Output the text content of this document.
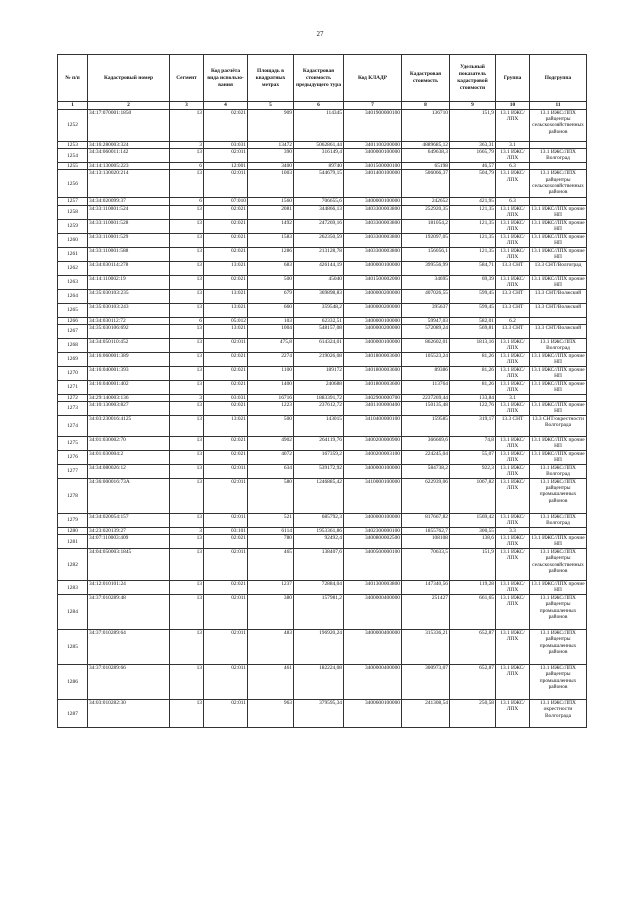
27
№ п/п	Кадастровый номер	Сегмент	Код расчёта вида использо-вания	Площадь в квадратных метрах	Кадастровая стоимость предыдущего тура	Код КЛАДР	Кадастровая стоимость	Удельный показатель кадастровой стоимости	Группа	Подгруппа
1	2	3	4	5	6	7	8	9	10	11
1252	34:17:070001:1850	13	02:021	909	114345	3401900000100	136710	151,9	13.1 ИЖС/ЛПХ	13.1 ИЖС/ЛПХ райцентры сельскохозяйственных районов
1253	34:16:280003:324	3	03:031	13472	5062861,44	3401100200000	4889685,12	363,31	3.1	
1254	34:34:060011:142	13	02:011	390	316149,4	3400000100000	649638,3	1665,79	13.1 ИЖС/ЛПХ	13.1 ИЖС/ЛПХ Волгоград
1255	34:14:130005:223	6	12:001	3400	89740	3401500000100	65198	46,57	6.3	
1256	34:13:130020:214	13	02:011	1003	544679,15	3401400100000	506066,37	504,79	13.1 ИЖС/ЛПХ	13.1 ИЖС/ЛПХ райцентры сельскохозяйственных районов
1257	34:34:020099:37	6	07:010	1560	706655,6	3400000100000	242652	421,95	6.3	
1258	34:33:110001:524	13	02:021	2081	344866,13	3403300003800	252920,35	121,35	13.1 ИЖС/ЛПХ	13.1 ИЖС/ЛПХ прочие НП
1259	34:33:110001:528	13	02:021	1492	247269,16	3403300003800	181054,2	121,35	13.1 ИЖС/ЛПХ	13.1 ИЖС/ЛПХ прочие НП
1260	34:33:110001:529	13	02:021	1583	262350,59	3403300003800	192097,05	121,35	13.1 ИЖС/ЛПХ	13.1 ИЖС/ЛПХ прочие НП
1261	34:33:110001:588	13	02:021	1286	213128,78	3403300003800	156056,1	121,35	13.1 ИЖС/ЛПХ	13.1 ИЖС/ЛПХ прочие НП
1262	34:34:030114:278	13	13:021	683	426144,19	3400000100000	399556,99	584,71	13.3 СНТ	13.3 СНТ/Волгоград
1263	34:14:110002:19	13	02:021	500	45040	3401500002000	34695	69,39	13.1 ИЖС/ЛПХ	13.1 ИЖС/ЛПХ прочие НП
1264	34:35:030103:235	13	13:021	679	369898,83	3400000200000	407026,55	599,45	13.3 СНТ	13.3 СНТ/Волжский
1265	34:35:030103:243	13	13:021	660	359548,2	3400000200000	395637	599,45	13.3 СНТ	13.3 СНТ/Волжский
1266	34:34:030112:72	6	05:012	103	62332,51	3400000100000	59947,03	582,01	6.2	
1267	34:35:030106:692	13	13:021	1004	548157,08	3400000200000	572089,24	569,81	13.3 СНТ	13.3 СНТ/Волжский
1268	34:34:050110:452	13	02:011	475,8	614324,01	3400000100000	862602,01	1813,16	13.1 ИЖС/ЛПХ	13.1 ИЖС/ЛПХ Волгоград
1269	34:16:060001:389	13	02:021	2274	219026,08	3401800003600	105523,24	81,26	13.1 ИЖС/ЛПХ	13.1 ИЖС/ЛПХ прочие НП
1270	34:16:040001:393	13	02:021	1100	189172	3401800003600	89386	81,26	13.1 ИЖС/ЛПХ	13.1 ИЖС/ЛПХ прочие НП
1271	34:16:040001:402	13	02:021	1400	240688	3401800003600	113764	81,26	13.1 ИЖС/ЛПХ	13.1 ИЖС/ЛПХ прочие НП
1272	34:29:140003:136	3	03:031	16716	1883391,72	3402900000700	2237269,44	133,84	3.1	
1273	34:10:130003:827	13	02:021	1223	237612,72	3401100000400	150135,48	122,76	13.1 ИЖС/ЛПХ	13.1 ИЖС/ЛПХ прочие НП
1274	34:03:230016:4125	13	13:021	500	143015	3410400000100	159585	319,17	13.3 СНТ	13.3 СНТ/окрестности Волгограда
1275	34:01:030002:70	13	02:021	4902	264119,76	3400200000900	366669,6	74,8	13.1 ИЖС/ЛПХ	13.1 ИЖС/ЛПХ прочие НП
1276	34:01:030004:2	13	02:021	4072	167359,2	3400200003100	224245,04	55,07	13.1 ИЖС/ЛПХ	13.1 ИЖС/ЛПХ прочие НП
1277	34:34:080026:12	13	02:011	634	539172,92	3400000100000	584738,2	922,3	13.1 ИЖС/ЛПХ	13.1 ИЖС/ЛПХ Волгоград
1278	34:36:000016:73А	13	02:011	580	1246885,42	3410000100000	622939,06	1067,82	13.1 ИЖС/ЛПХ	13.1 ИЖС/ЛПХ райцентры промышленных районов
1279	34:34:020054:157	13	02:011	521	685792,3	3400000100000	817667,82	1569,42	13.1 ИЖС/ЛПХ	13.1 ИЖС/ЛПХ Волгоград
1280	34:23:020139:27	3	03:101	6114	1953361,86	3402300000100	1855762,7	300,55	3.3	
1281	34:07:110003:409	13	02:021	780	92492,4	3400800002500	108108	138,6	13.1 ИЖС/ЛПХ	13.1 ИЖС/ЛПХ прочие НП
1282	34:04:050003:1845	13	02:011	465	138407,6	3400500000100	70633,5	151,9	13.1 ИЖС/ЛПХ	13.1 ИЖС/ЛПХ райцентры сельскохозяйственных районов
1283	34:12:010101:24	13	02:021	1237	72884,04	3401300003800	147340,56	119,28	13.1 ИЖС/ЛПХ	13.1 ИЖС/ЛПХ прочие НП
1284	34:37:010289:48	13	02:011	380	157981,2	3400000400000	251427	661,65	13.1 ИЖС/ЛПХ	13.1 ИЖС/ЛПХ райцентры промышленных районов
1285	34:37:010289:64	13	02:011	483	196920,24	3400000400000	315336,21	652,87	13.1 ИЖС/ЛПХ	13.1 ИЖС/ЛПХ райцентры промышленных районов
1286	34:37:010289:66	13	02:011	461	182224,08	3400000400000	300973,07	652,87	13.1 ИЖС/ЛПХ	13.1 ИЖС/ЛПХ райцентры промышленных районов
1287	34:03:010282:30	13	02:011	963	379595,34	3400600100000	241308,54	250,58	13.1 ИЖС/ЛПХ	13.1 ИЖС/ЛПХ окрестности Волгограда
